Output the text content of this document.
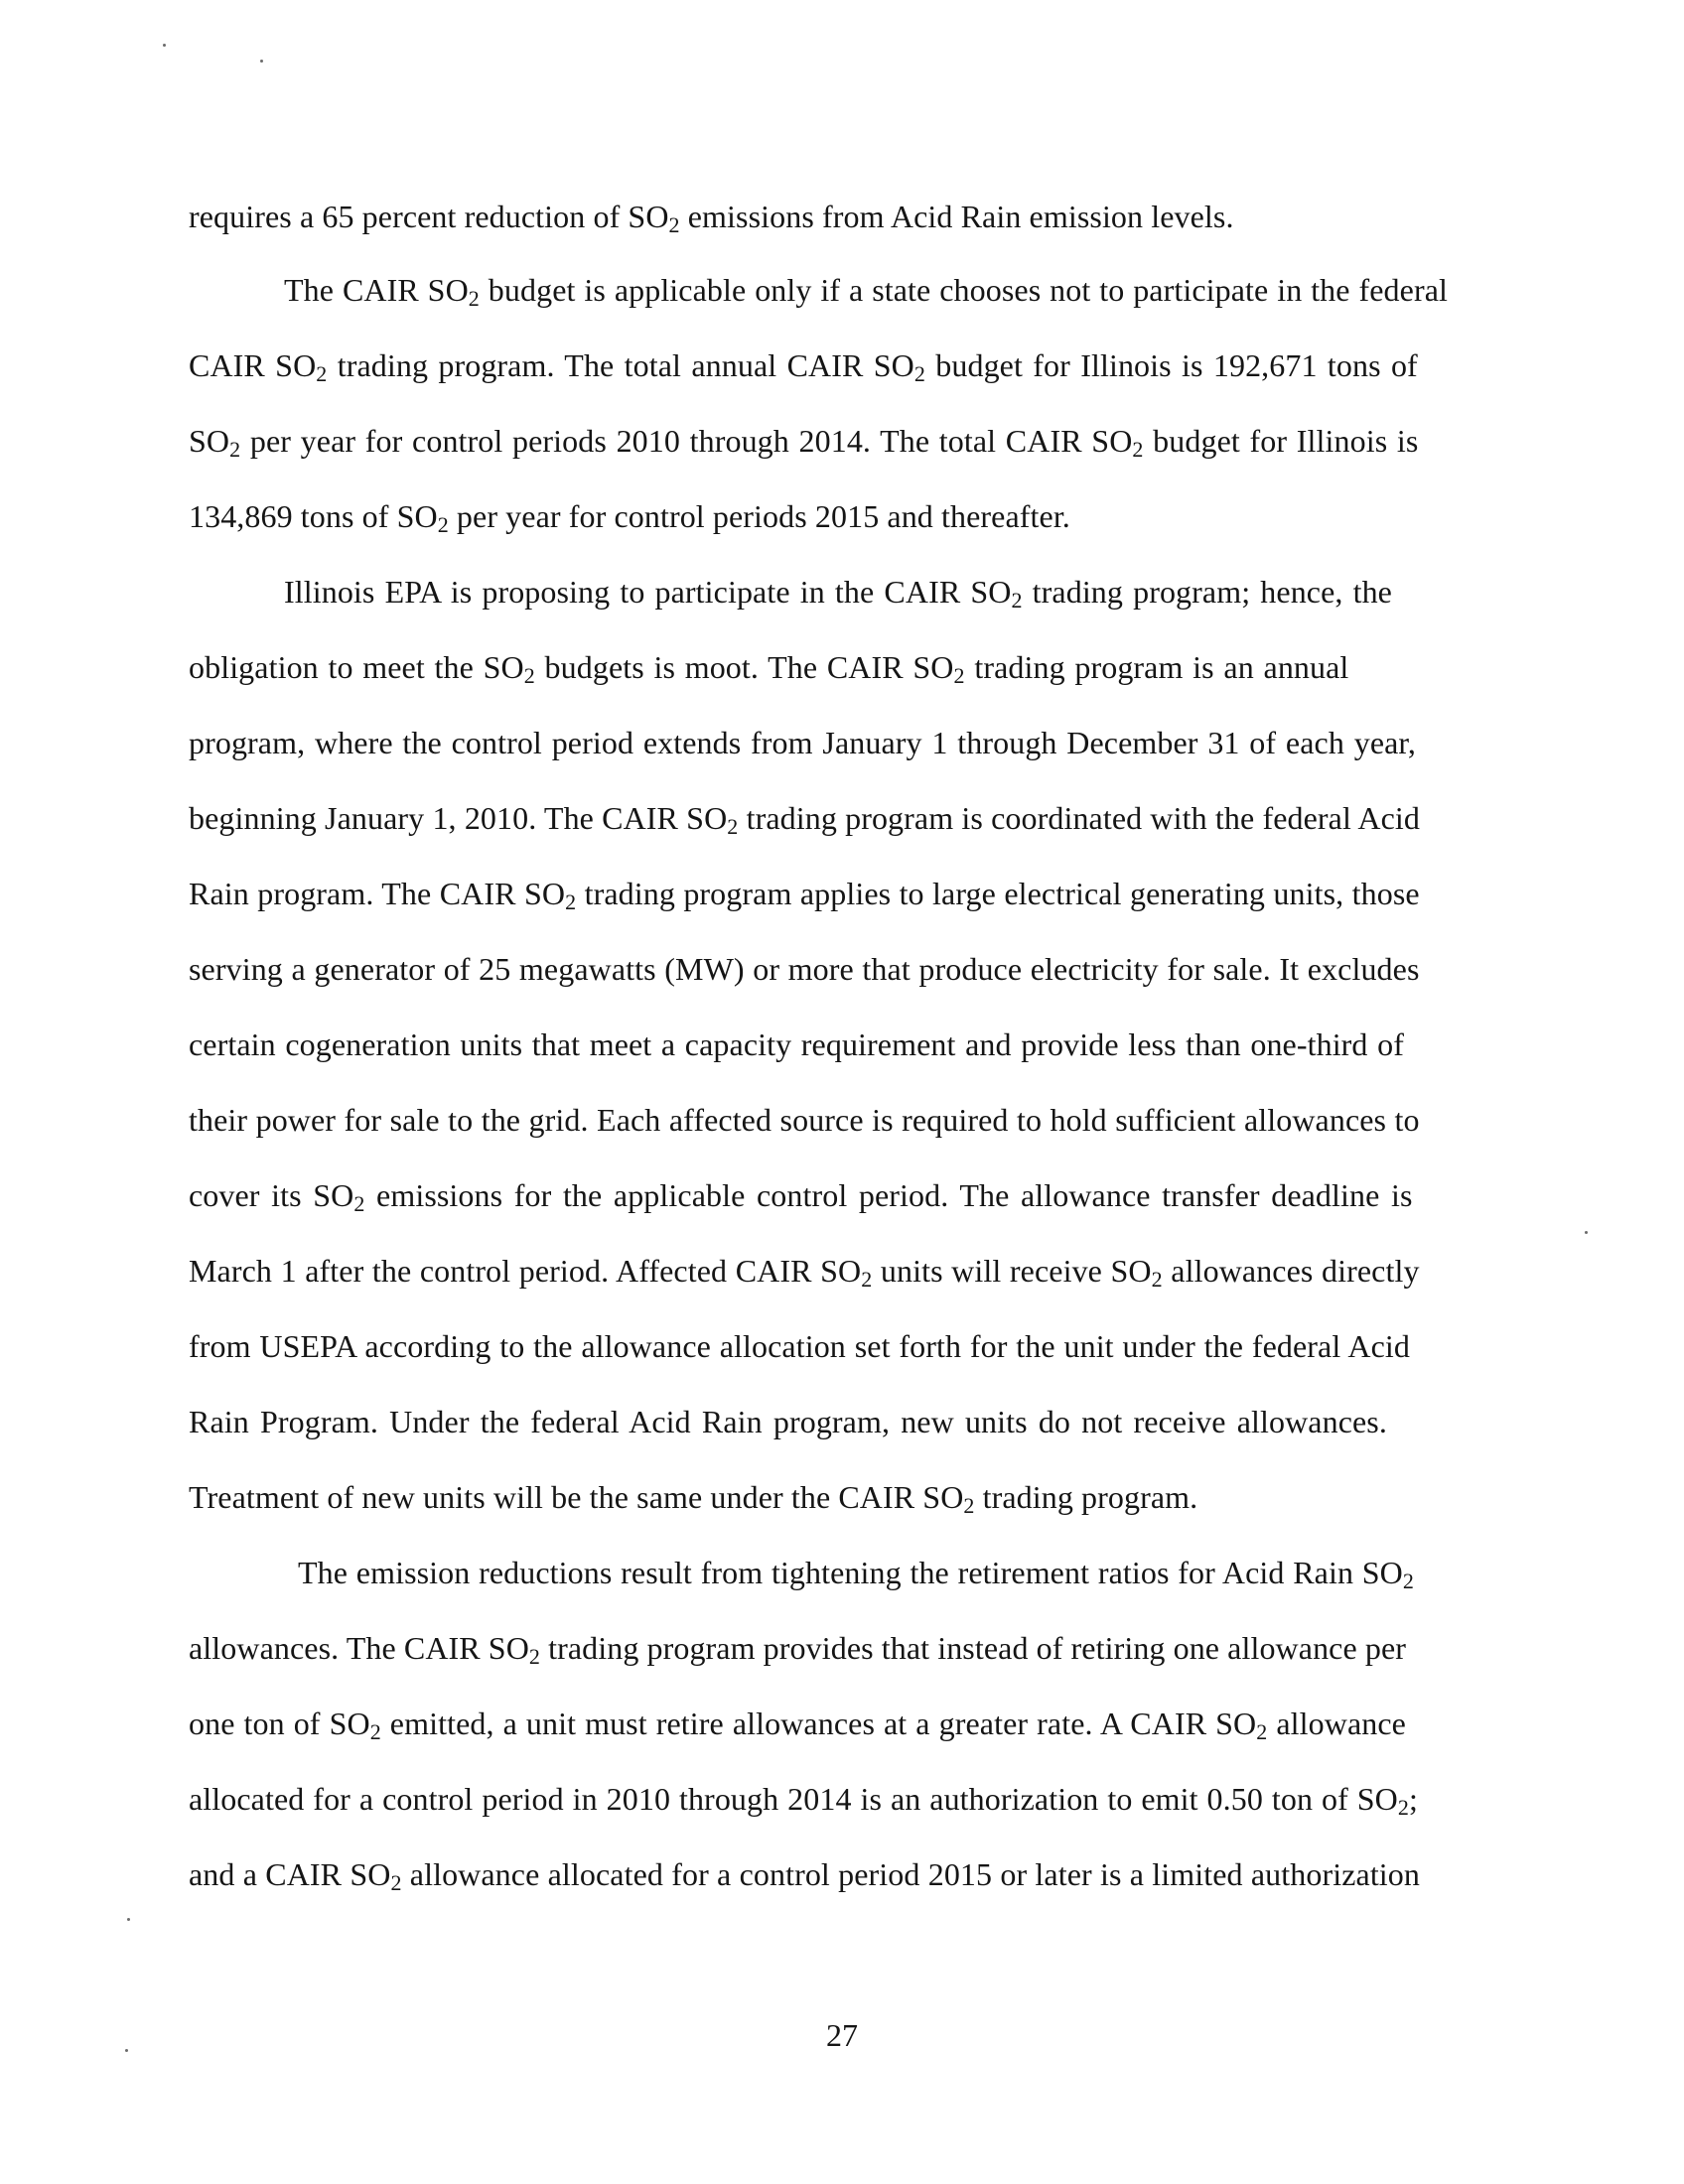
requires a 65 percent reduction of $SO_2$ emissions from Acid Rain emission levels.
The CAIR $SO_2$ budget is applicable only if a state chooses not to participate in the federal
CAIR $SO_2$ trading program. The total annual CAIR $SO_2$ budget for Illinois is 192,671 tons of
$SO_2$ per year for control periods 2010 through 2014. The total CAIR $SO_2$ budget for Illinois is
134,869 tons of $SO_2$ per year for control periods 2015 and thereafter.
Illinois EPA is proposing to participate in the CAIR $SO_2$ trading program; hence, the
obligation to meet the $SO_2$ budgets is moot. The CAIR $SO_2$ trading program is an annual
program, where the control period extends from January 1 through December 31 of each year,
beginning January 1, 2010. The CAIR $SO_2$ trading program is coordinated with the federal Acid
Rain program. The CAIR $SO_2$ trading program applies to large electrical generating units, those
serving a generator of 25 megawatts (MW) or more that produce electricity for sale. It excludes
certain cogeneration units that meet a capacity requirement and provide less than one-third of
their power for sale to the grid. Each affected source is required to hold sufficient allowances to
cover its $SO_2$ emissions for the applicable control period. The allowance transfer deadline is
March 1 after the control period. Affected CAIR $SO_2$ units will receive $SO_2$ allowances directly
from USEPA according to the allowance allocation set forth for the unit under the federal Acid
Rain Program. Under the federal Acid Rain program, new units do not receive allowances.
Treatment of new units will be the same under the CAIR $SO_2$ trading program.
The emission reductions result from tightening the retirement ratios for Acid Rain $SO_2$
allowances. The CAIR $SO_2$ trading program provides that instead of retiring one allowance per
one ton of $SO_2$ emitted, a unit must retire allowances at a greater rate. A CAIR $SO_2$ allowance
allocated for a control period in 2010 through 2014 is an authorization to emit 0.50 ton of $SO_2$;
and a CAIR $SO_2$ allowance allocated for a control period 2015 or later is a limited authorization
27
